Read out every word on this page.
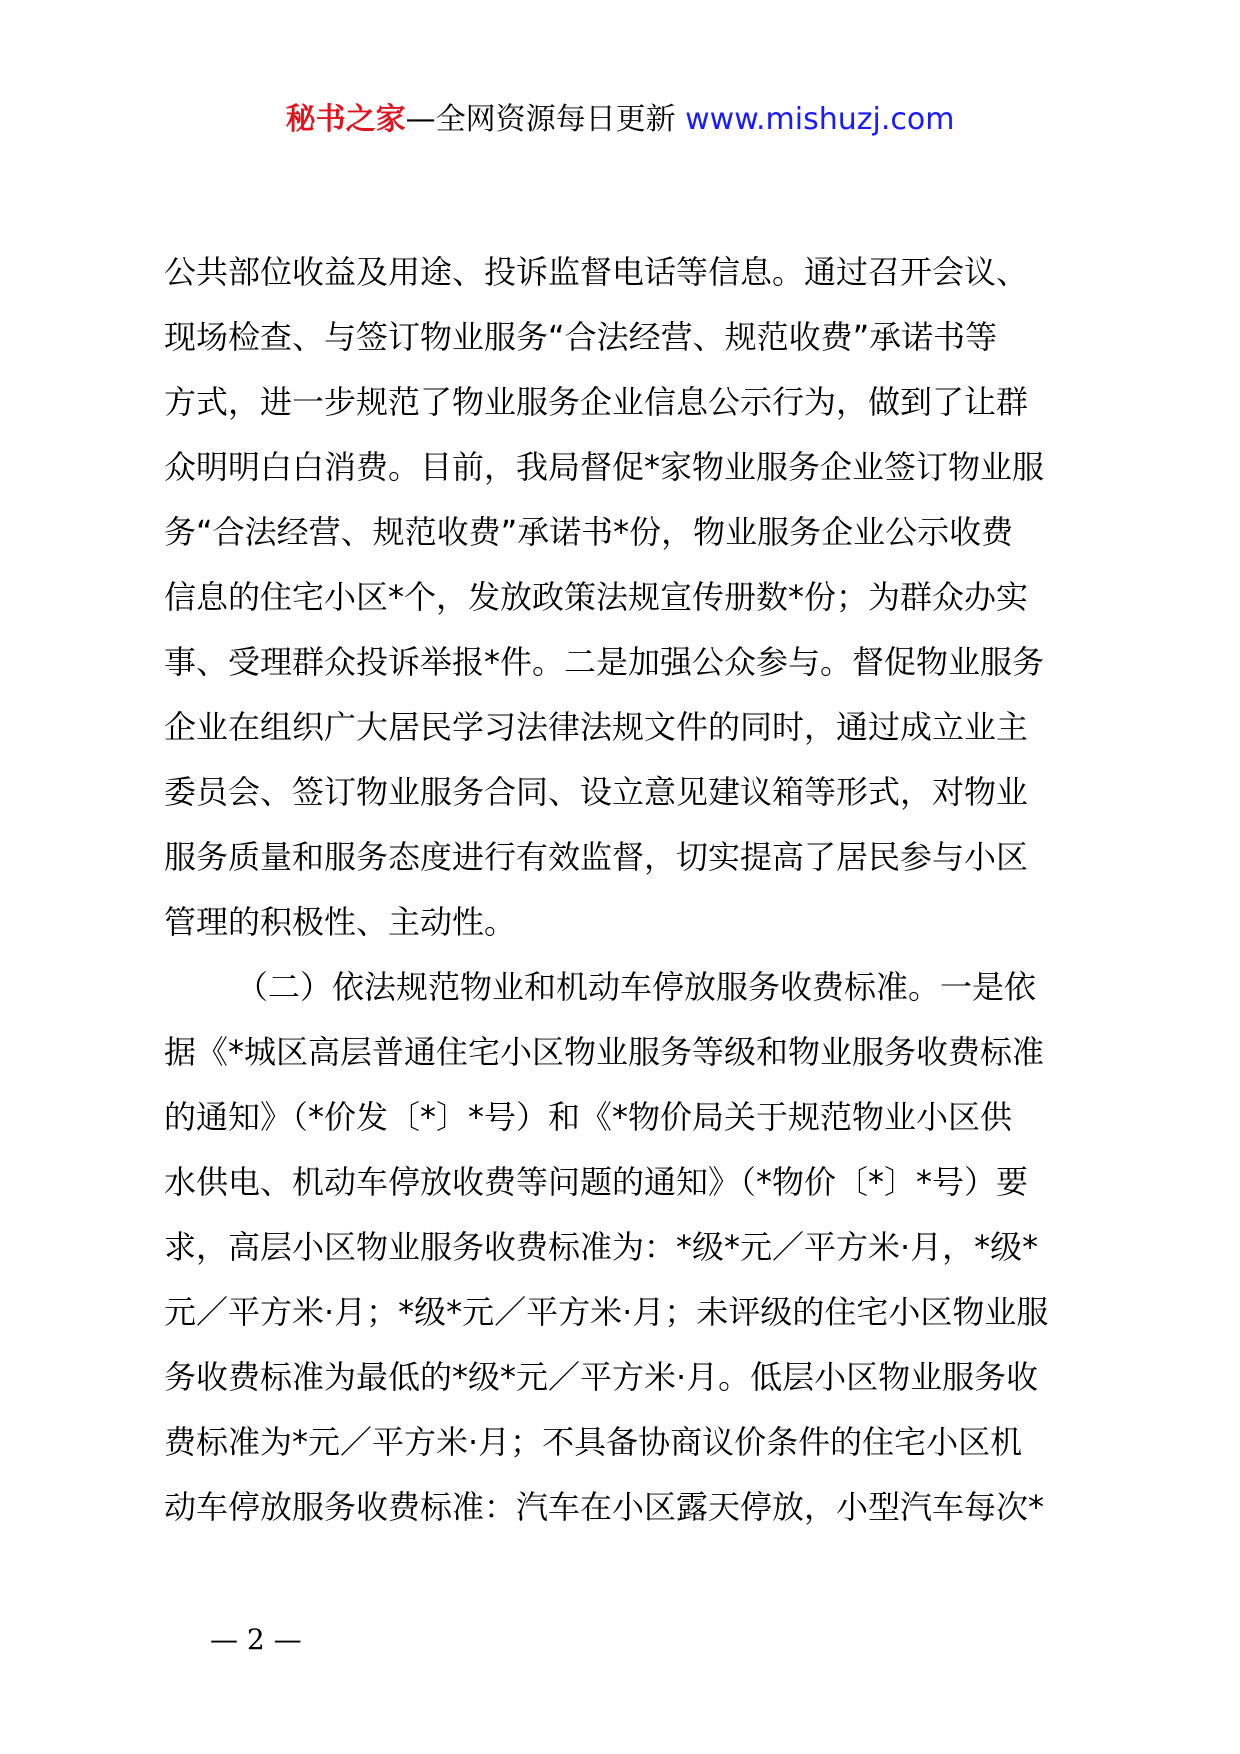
秘书之家—全网资源每日更新 www.mishuzj.com
公共部位收益及用途、投诉监督电话等信息。通过召开会议、
现场检查、与签订物业服务“合法经营、规范收费”承诺书等
方式，进一步规范了物业服务企业信息公示行为，做到了让群
众明明白白消费。目前，我局督促*家物业服务企业签订物业服
务“合法经营、规范收费”承诺书*份，物业服务企业公示收费
信息的住宅小区*个，发放政策法规宣传册数*份；为群众办实
事、受理群众投诉举报*件。二是加强公众参与。督促物业服务
企业在组织广大居民学习法律法规文件的同时，通过成立业主
委员会、签订物业服务合同、设立意见建议箱等形式，对物业
服务质量和服务态度进行有效监督，切实提高了居民参与小区
管理的积极性、主动性。
（二）依法规范物业和机动车停放服务收费标准。一是依
据《*城区高层普通住宅小区物业服务等级和物业服务收费标准
的通知》（*价发〔*〕*号）和《*物价局关于规范物业小区供
水供电、机动车停放收费等问题的通知》（*物价〔*〕*号）要
求，高层小区物业服务收费标准为：*级*元／平方米·月，*级*
元／平方米·月；*级*元／平方米·月；未评级的住宅小区物业服
务收费标准为最低的*级*元／平方米·月。低层小区物业服务收
费标准为*元／平方米·月；不具备协商议价条件的住宅小区机
动车停放服务收费标准：汽车在小区露天停放，小型汽车每次*
— 2 —
